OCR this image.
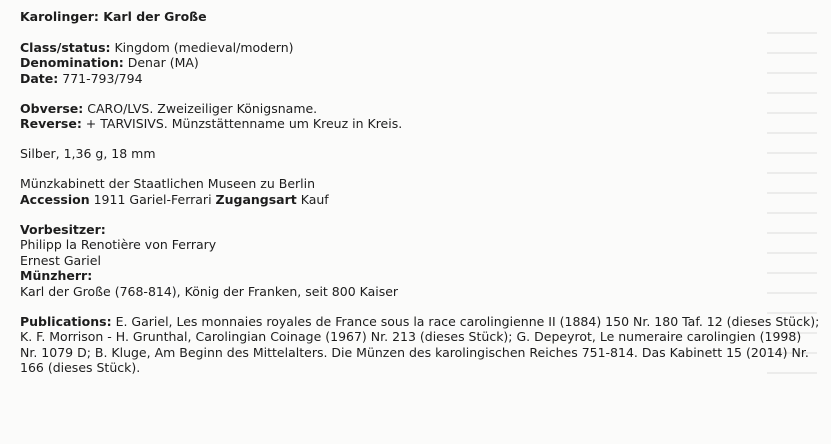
Karolinger: Karl der Große
Class/status: Kingdom (medieval/modern)
Denomination: Denar (MA)
Date: 771-793/794
Obverse: CARO/LVS. Zweizeiliger Königsname.
Reverse: + TARVISIVS. Münzstättenname um Kreuz in Kreis.
Silber, 1,36 g, 18 mm
Münzkabinett der Staatlichen Museen zu Berlin
Accession 1911 Gariel-Ferrari Zugangsart Kauf
Vorbesitzer:
Philipp la Renotière von Ferrary
Ernest Gariel
Münzherr:
Karl der Große (768-814), König der Franken, seit 800 Kaiser
Publications: E. Gariel, Les monnaies royales de France sous la race carolingienne II (1884) 150 Nr. 180 Taf. 12 (dieses Stück); K. F. Morrison - H. Grunthal, Carolingian Coinage (1967) Nr. 213 (dieses Stück); G. Depeyrot, Le numeraire carolingien (1998) Nr. 1079 D; B. Kluge, Am Beginn des Mittelalters. Die Münzen des karolingischen Reiches 751-814. Das Kabinett 15 (2014) Nr. 166 (dieses Stück).
